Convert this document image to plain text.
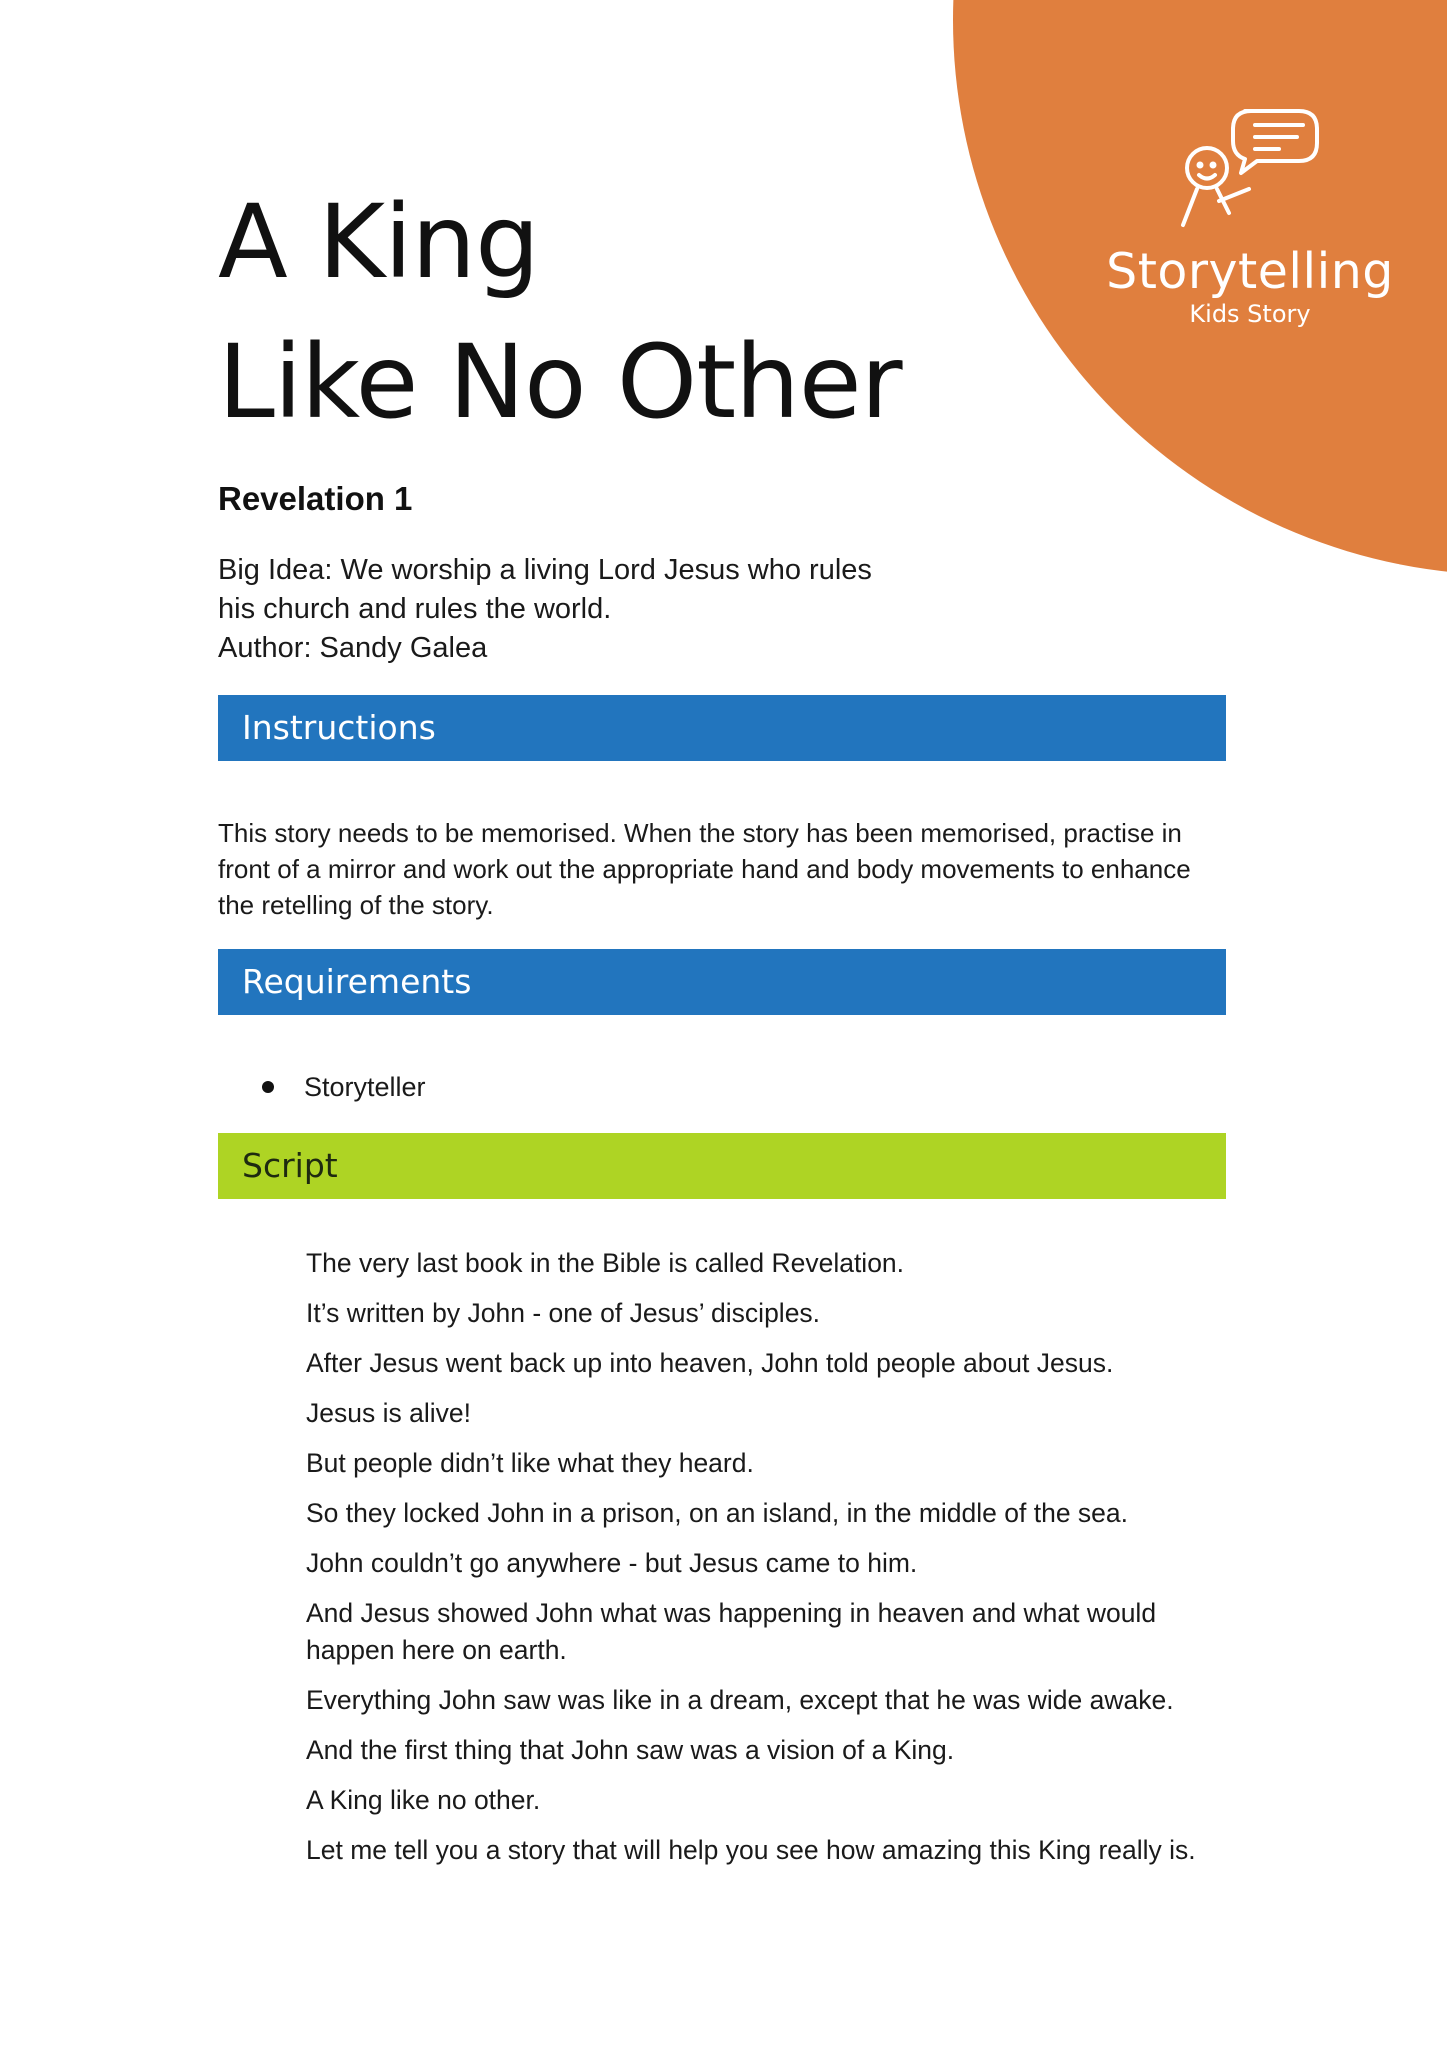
Storytelling
Kids Story
A King
Like No Other
Revelation 1
Big Idea: We worship a living Lord Jesus who rules
his church and rules the world.
Author: Sandy Galea
Instructions
This story needs to be memorised. When the story has been memorised, practise in front of a mirror and work out the appropriate hand and body movements to enhance the retelling of the story.
Requirements
Storyteller
Script
The very last book in the Bible is called Revelation.
It’s written by John - one of Jesus’ disciples.
After Jesus went back up into heaven, John told people about Jesus.
Jesus is alive!
But people didn’t like what they heard.
So they locked John in a prison, on an island, in the middle of the sea.
John couldn’t go anywhere - but Jesus came to him.
And Jesus showed John what was happening in heaven and what would happen here on earth.
Everything John saw was like in a dream, except that he was wide awake.
And the first thing that John saw was a vision of a King.
A King like no other.
Let me tell you a story that will help you see how amazing this King really is.
